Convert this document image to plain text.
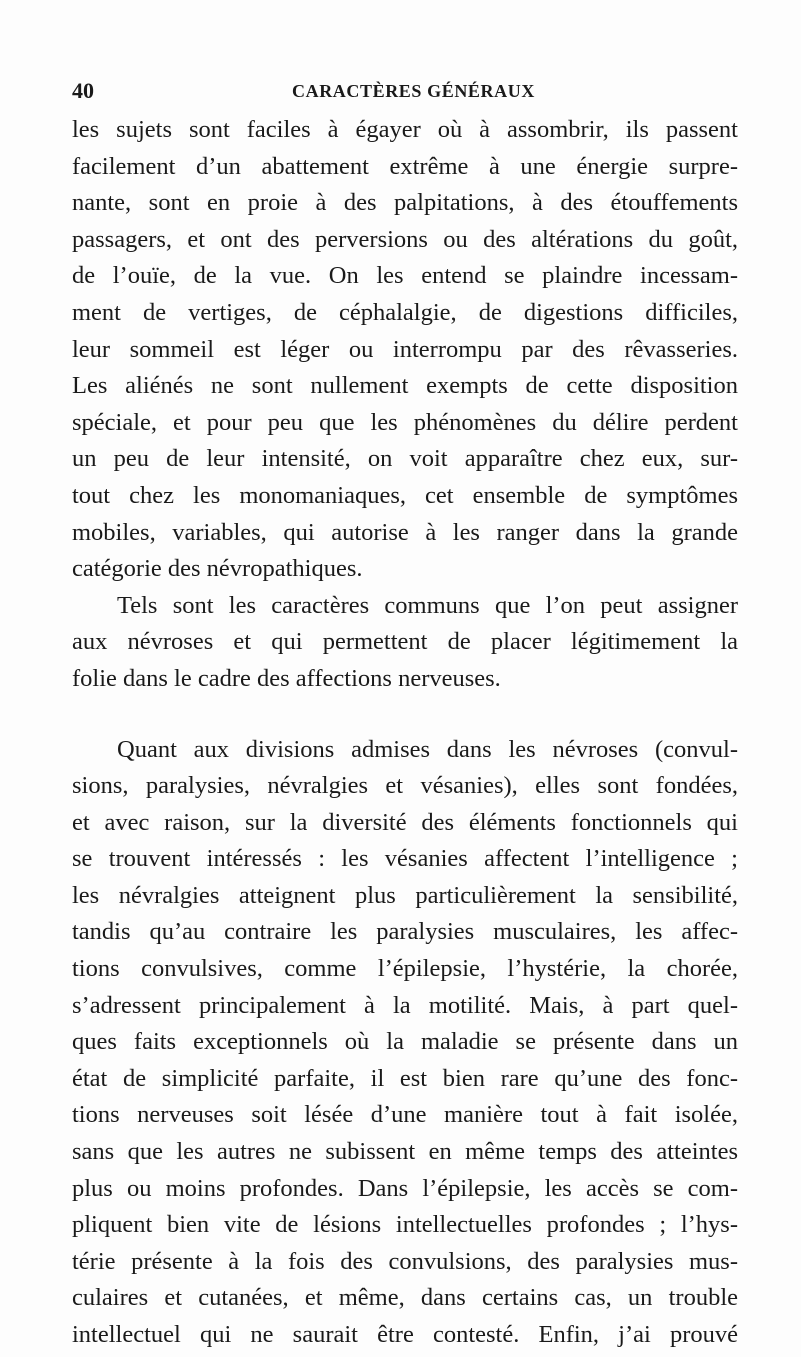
40	CARACTÈRES GÉNÉRAUX
les sujets sont faciles à égayer où à assombrir, ils passent
facilement d’un abattement extrême à une énergie surpre-
nante, sont en proie à des palpitations, à des étouffements
passagers, et ont des perversions ou des altérations du goût,
de l’ouïe, de la vue. On les entend se plaindre incessam-
ment de vertiges, de céphalalgie, de digestions difficiles,
leur sommeil est léger ou interrompu par des rêvasseries.
Les aliénés ne sont nullement exempts de cette disposition
spéciale, et pour peu que les phénomènes du délire perdent
un peu de leur intensité, on voit apparaître chez eux, sur-
tout chez les monomaniaques, cet ensemble de symptômes
mobiles, variables, qui autorise à les ranger dans la grande
catégorie des névropathiques.
Tels sont les caractères communs que l’on peut assigner
aux névroses et qui permettent de placer légitimement la
folie dans le cadre des affections nerveuses.
Quant aux divisions admises dans les névroses (convul-
sions, paralysies, névralgies et vésanies), elles sont fondées,
et avec raison, sur la diversité des éléments fonctionnels qui
se trouvent intéressés : les vésanies affectent l’intelligence ;
les névralgies atteignent plus particulièrement la sensibilité,
tandis qu’au contraire les paralysies musculaires, les affec-
tions convulsives, comme l’épilepsie, l’hystérie, la chorée,
s’adressent principalement à la motilité. Mais, à part quel-
ques faits exceptionnels où la maladie se présente dans un
état de simplicité parfaite, il est bien rare qu’une des fonc-
tions nerveuses soit lésée d’une manière tout à fait isolée,
sans que les autres ne subissent en même temps des atteintes
plus ou moins profondes. Dans l’épilepsie, les accès se com-
pliquent bien vite de lésions intellectuelles profondes ; l’hys-
térie présente à la fois des convulsions, des paralysies mus-
culaires et cutanées, et même, dans certains cas, un trouble
intellectuel qui ne saurait être contesté. Enfin, j’ai prouvé
